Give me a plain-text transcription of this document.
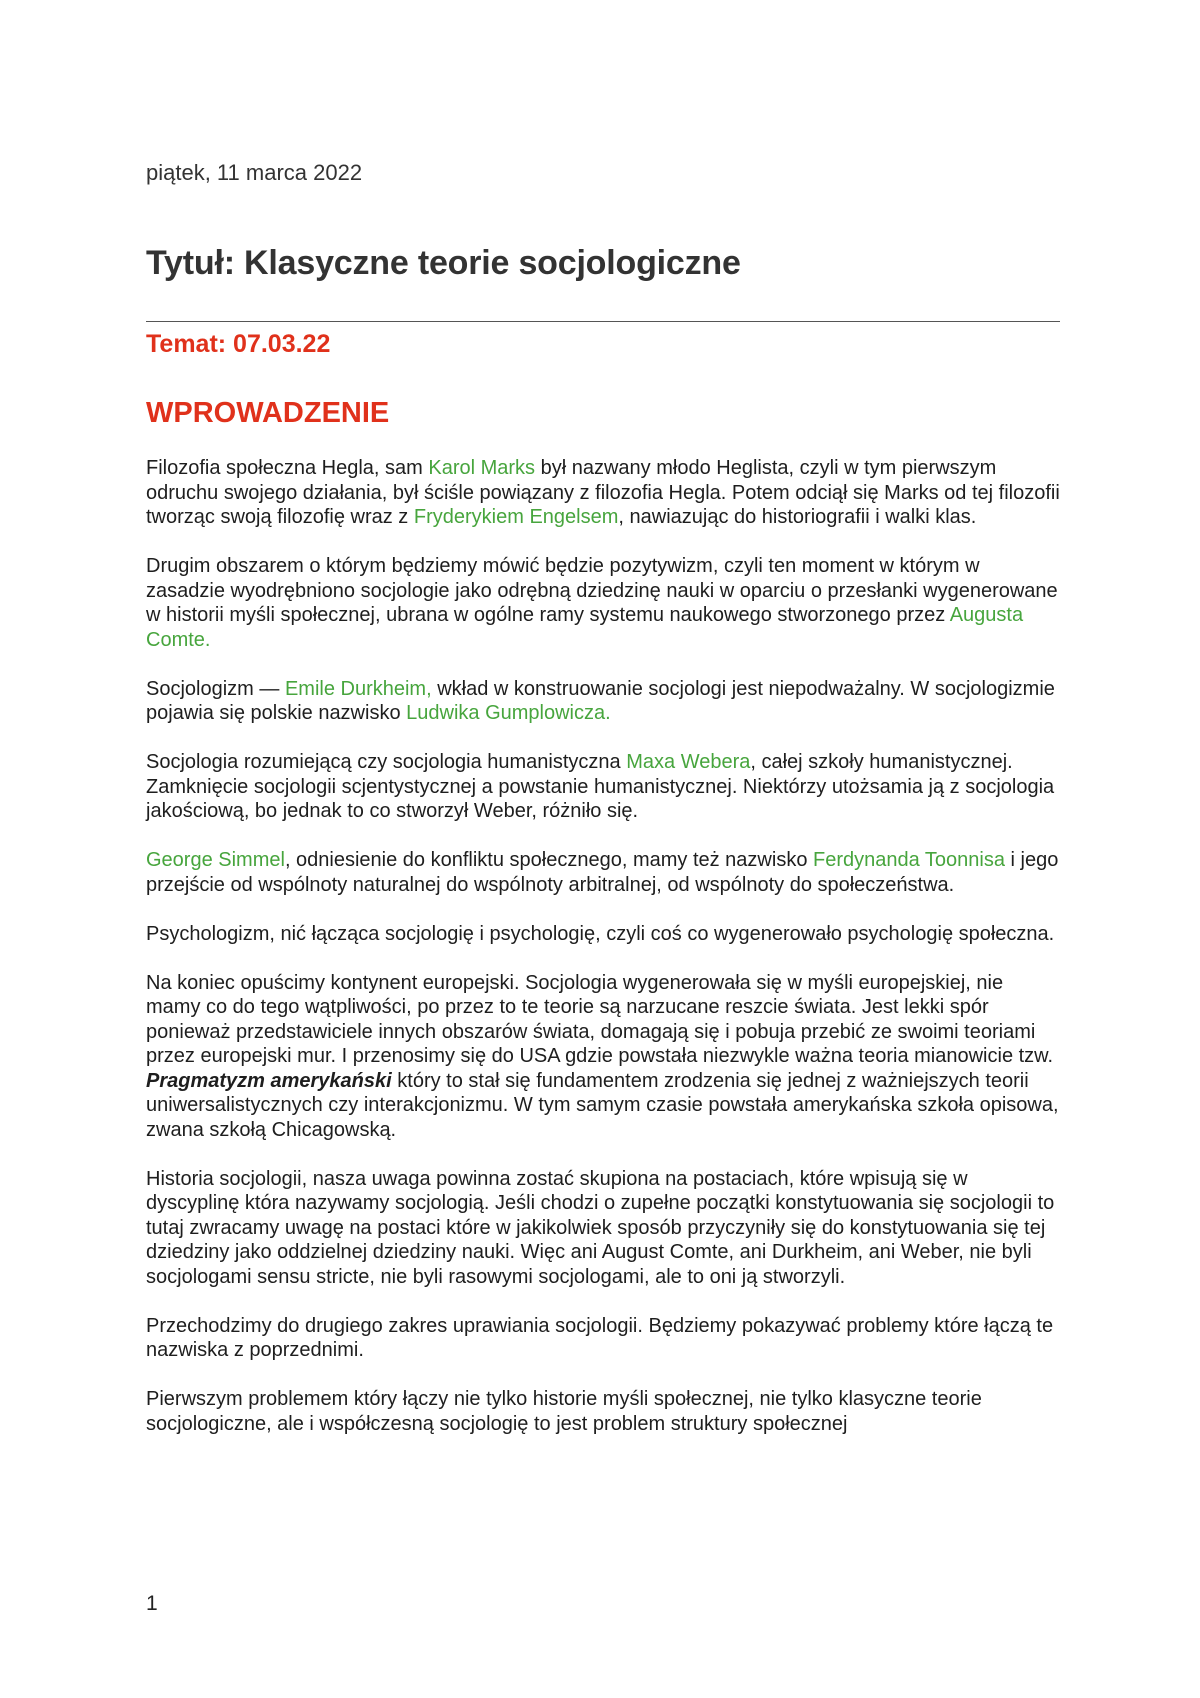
piątek, 11 marca 2022
Tytuł: Klasyczne teorie socjologiczne
Temat: 07.03.22
WPROWADZENIE

Filozofia społeczna Hegla, sam Karol Marks był nazwany młodo Heglista, czyli w tym pierwszym odruchu swojego działania, był ściśle powiązany z filozofia Hegla. Potem odciął się Marks od tej filozofii tworząc swoją filozofię wraz z Fryderykiem Engelsem, nawiazując do historiografii i walki klas.

Drugim obszarem o którym będziemy mówić będzie pozytywizm, czyli ten moment w którym w zasadzie wyodrębniono socjologie jako odrębną dziedzinę nauki w oparciu o przesłanki wygenerowane w historii myśli społecznej, ubrana w ogólne ramy systemu naukowego stworzonego przez Augusta Comte.

Socjologizm — Emile Durkheim, wkład w konstruowanie socjologi jest niepodważalny. W socjologizmie pojawia się polskie nazwisko Ludwika Gumplowicza.

Socjologia rozumiejącą czy socjologia humanistyczna Maxa Webera, całej szkoły humanistycznej. Zamknięcie socjologii scjentystycznej a powstanie humanistycznej. Niektórzy utożsamia ją z socjologia jakościową, bo jednak to co stworzył Weber, różniło się.

George Simmel, odniesienie do konfliktu społecznego, mamy też nazwisko Ferdynanda Toonnisa i jego przejście od wspólnoty naturalnej do wspólnoty arbitralnej, od wspólnoty do społeczeństwa.

Psychologizm, nić łącząca socjologię i psychologię, czyli coś co wygenerowało psychologię społeczna.

Na koniec opuścimy kontynent europejski. Socjologia wygenerowała się w myśli europejskiej, nie mamy co do tego wątpliwości, po przez to te teorie są narzucane reszcie świata. Jest lekki spór ponieważ przedstawiciele innych obszarów świata, domagają się i pobuja przebić ze swoimi teoriami przez europejski mur. I przenosimy się do USA gdzie powstała niezwykle ważna teoria mianowicie tzw. Pragmatyzm amerykański który to stał się fundamentem zrodzenia się jednej z ważniejszych teorii uniwersalistycznych czy interakcjonizmu. W tym samym czasie powstała amerykańska szkoła opisowa, zwana szkołą Chicagowską.

Historia socjologii, nasza uwaga powinna zostać skupiona na postaciach, które wpisują się w dyscyplinę która nazywamy socjologią. Jeśli chodzi o zupełne początki konstytuowania się socjologii to tutaj zwracamy uwagę na postaci które w jakikolwiek sposób przyczyniły się do konstytuowania się tej dziedziny jako oddzielnej dziedziny nauki. Więc ani August Comte, ani Durkheim, ani Weber, nie byli socjologami sensu stricte, nie byli rasowymi socjologami, ale to oni ją stworzyli.

Przechodzimy do drugiego zakres uprawiania socjologii. Będziemy pokazywać problemy które łączą te nazwiska z poprzednimi.

Pierwszym problemem który łączy nie tylko historie myśli społecznej, nie tylko klasyczne teorie socjologiczne, ale i współczesną socjologię to jest problem struktury społecznej

1
